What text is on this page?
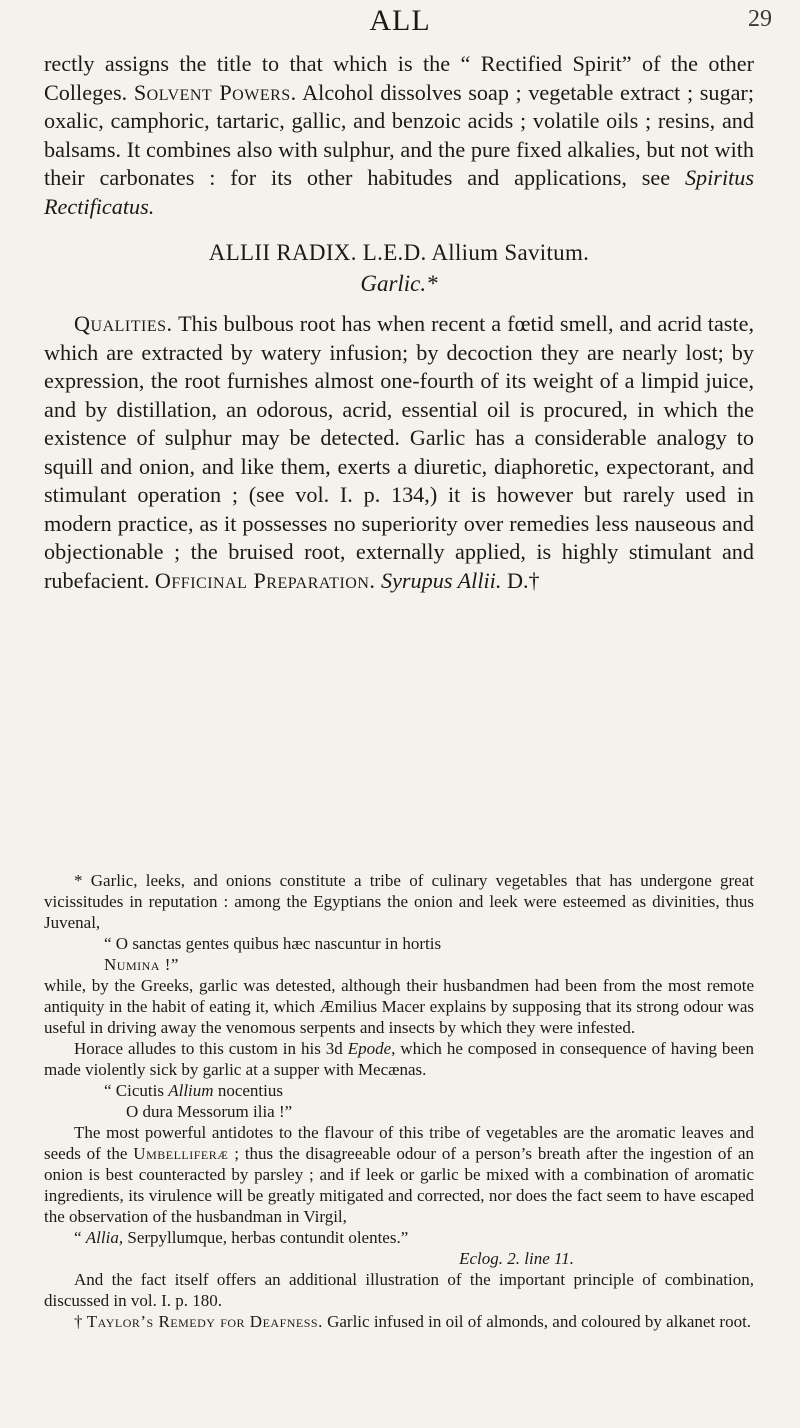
ALL	29

rectly assigns the title to that which is the “ Rectified Spirit” of the other Colleges. Solvent Powers. Alcohol dissolves soap ; vegetable extract ; sugar; oxalic, camphoric, tartaric, gallic, and benzoic acids ; volatile oils ; resins, and balsams. It combines also with sulphur, and the pure fixed alkalies, but not with their carbonates : for its other habitudes and applications, see Spiritus Rectificatus.

ALLII RADIX. L.E.D. Allium Savitum.
Garlic.*

Qualities. This bulbous root has when recent a fœtid smell, and acrid taste, which are extracted by watery infusion; by decoction they are nearly lost; by expression, the root furnishes almost one-fourth of its weight of a limpid juice, and by distillation, an odorous, acrid, essential oil is procured, in which the existence of sulphur may be detected. Garlic has a considerable analogy to squill and onion, and like them, exerts a diuretic, diaphoretic, expectorant, and stimulant operation ; (see vol. I. p. 134,) it is however but rarely used in modern practice, as it possesses no superiority over remedies less nauseous and objectionable ; the bruised root, externally applied, is highly stimulant and rubefacient. Officinal Preparation. Syrupus Allii. D.†

* Garlic, leeks, and onions constitute a tribe of culinary vegetables that has undergone great vicissitudes in reputation : among the Egyptians the onion and leek were esteemed as divinities, thus Juvenal,

“ O sanctas gentes quibus hæc nascuntur in hortis

Numina !”

while, by the Greeks, garlic was detested, although their husbandmen had been from the most remote antiquity in the habit of eating it, which Æmilius Macer explains by supposing that its strong odour was useful in driving away the venomous serpents and insects by which they were infested.

Horace alludes to this custom in his 3d Epode, which he composed in consequence of having been made violently sick by garlic at a supper with Mecænas.

“ Cicutis Allium nocentius

O dura Messorum ilia !”

The most powerful antidotes to the flavour of this tribe of vegetables are the aromatic leaves and seeds of the Umbelliferæ ; thus the disagreeable odour of a person’s breath after the ingestion of an onion is best counteracted by parsley ; and if leek or garlic be mixed with a combination of aromatic ingredients, its virulence will be greatly mitigated and corrected, nor does the fact seem to have escaped the observation of the husbandman in Virgil,

“ Allia, Serpyllumque, herbas contundit olentes.”

Eclog. 2. line 11.

And the fact itself offers an additional illustration of the important principle of combination, discussed in vol. I. p. 180.

† Taylor’s Remedy for Deafness. Garlic infused in oil of almonds, and coloured by alkanet root.
